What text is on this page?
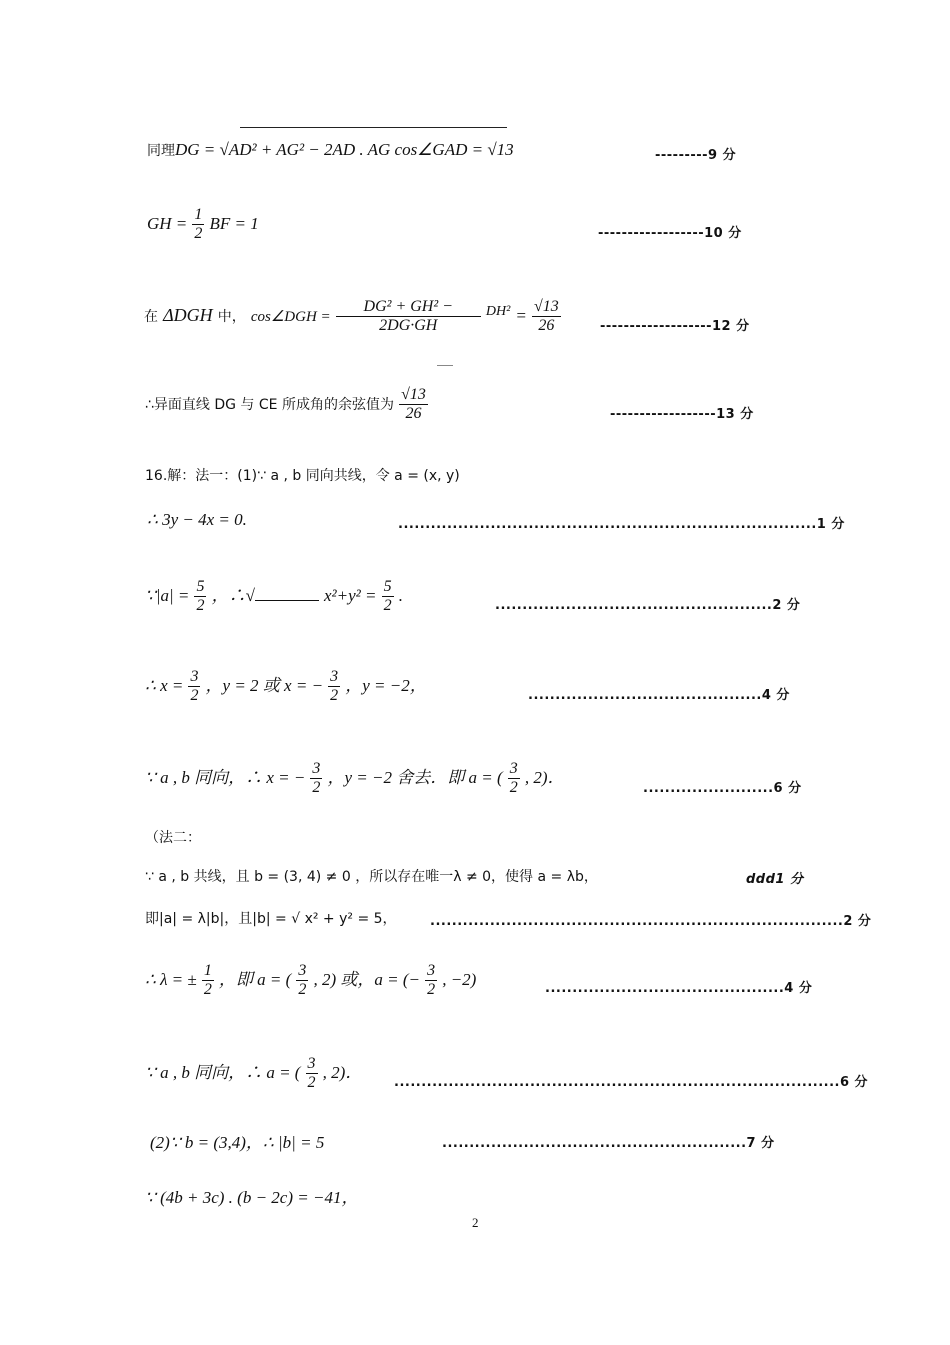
同理DG = √AD² + AG² − 2AD . AG cos∠GAD = √13	---------9 分
GH = $\frac{1}{2}$ BF = 1
------------------10 分
在 ΔDGH 中， cos∠DGH = $\frac{\text{DG² + GH² −}}{2DG\cdot GH} DH^2 = \frac{√13}{26}$	-------------------12 分
∴异面直线 DG 与 CE 所成角的余弦值为 $\frac{√13}{26}$	------------------13 分
16.解：法一：(1)∵ a , b 同向共线，令 a = (x, y)
∴ 3y − 4x = 0.	.............................................................................1 分
∵|a| = $\frac{5}{2}$ ，∴√	$x^2+y^2 = \frac{5}{2}$ .
...................................................2 分
∴ $x = \frac{3}{2}$ ，y = 2 或 x = − $\frac{3}{2}$ ，y = −2，
...........................................4 分
∵ a , b 同向，∴ x = − $\frac{3}{2}$ ，y = −2 舍去．即 a = ( $\frac{3}{2}$ , 2)．
........................6 分
（法二：
∵ a , b 共线，且 b = (3, 4) ≠ 0 ，所以存在唯一λ ≠ 0，使得 a = λb，	ddd1 分
即|a| = λ|b|，且|b| = √ x² + y² = 5，	............................................................................2 分
∴ λ = ± $\frac{1}{2}$ ，即 a = ( $\frac{3}{2}$ , 2) 或，a = (− $\frac{3}{2}$ , −2)	............................................4 分
∵ a , b 同向，∴ a = ( $\frac{3}{2}$ , 2)．
..................................................................................6 分
(2)∵ b = (3,4)，∴ |b| = 5	........................................................7 分
∵ (4b + 3c) . (b − 2c) = −41，
2
